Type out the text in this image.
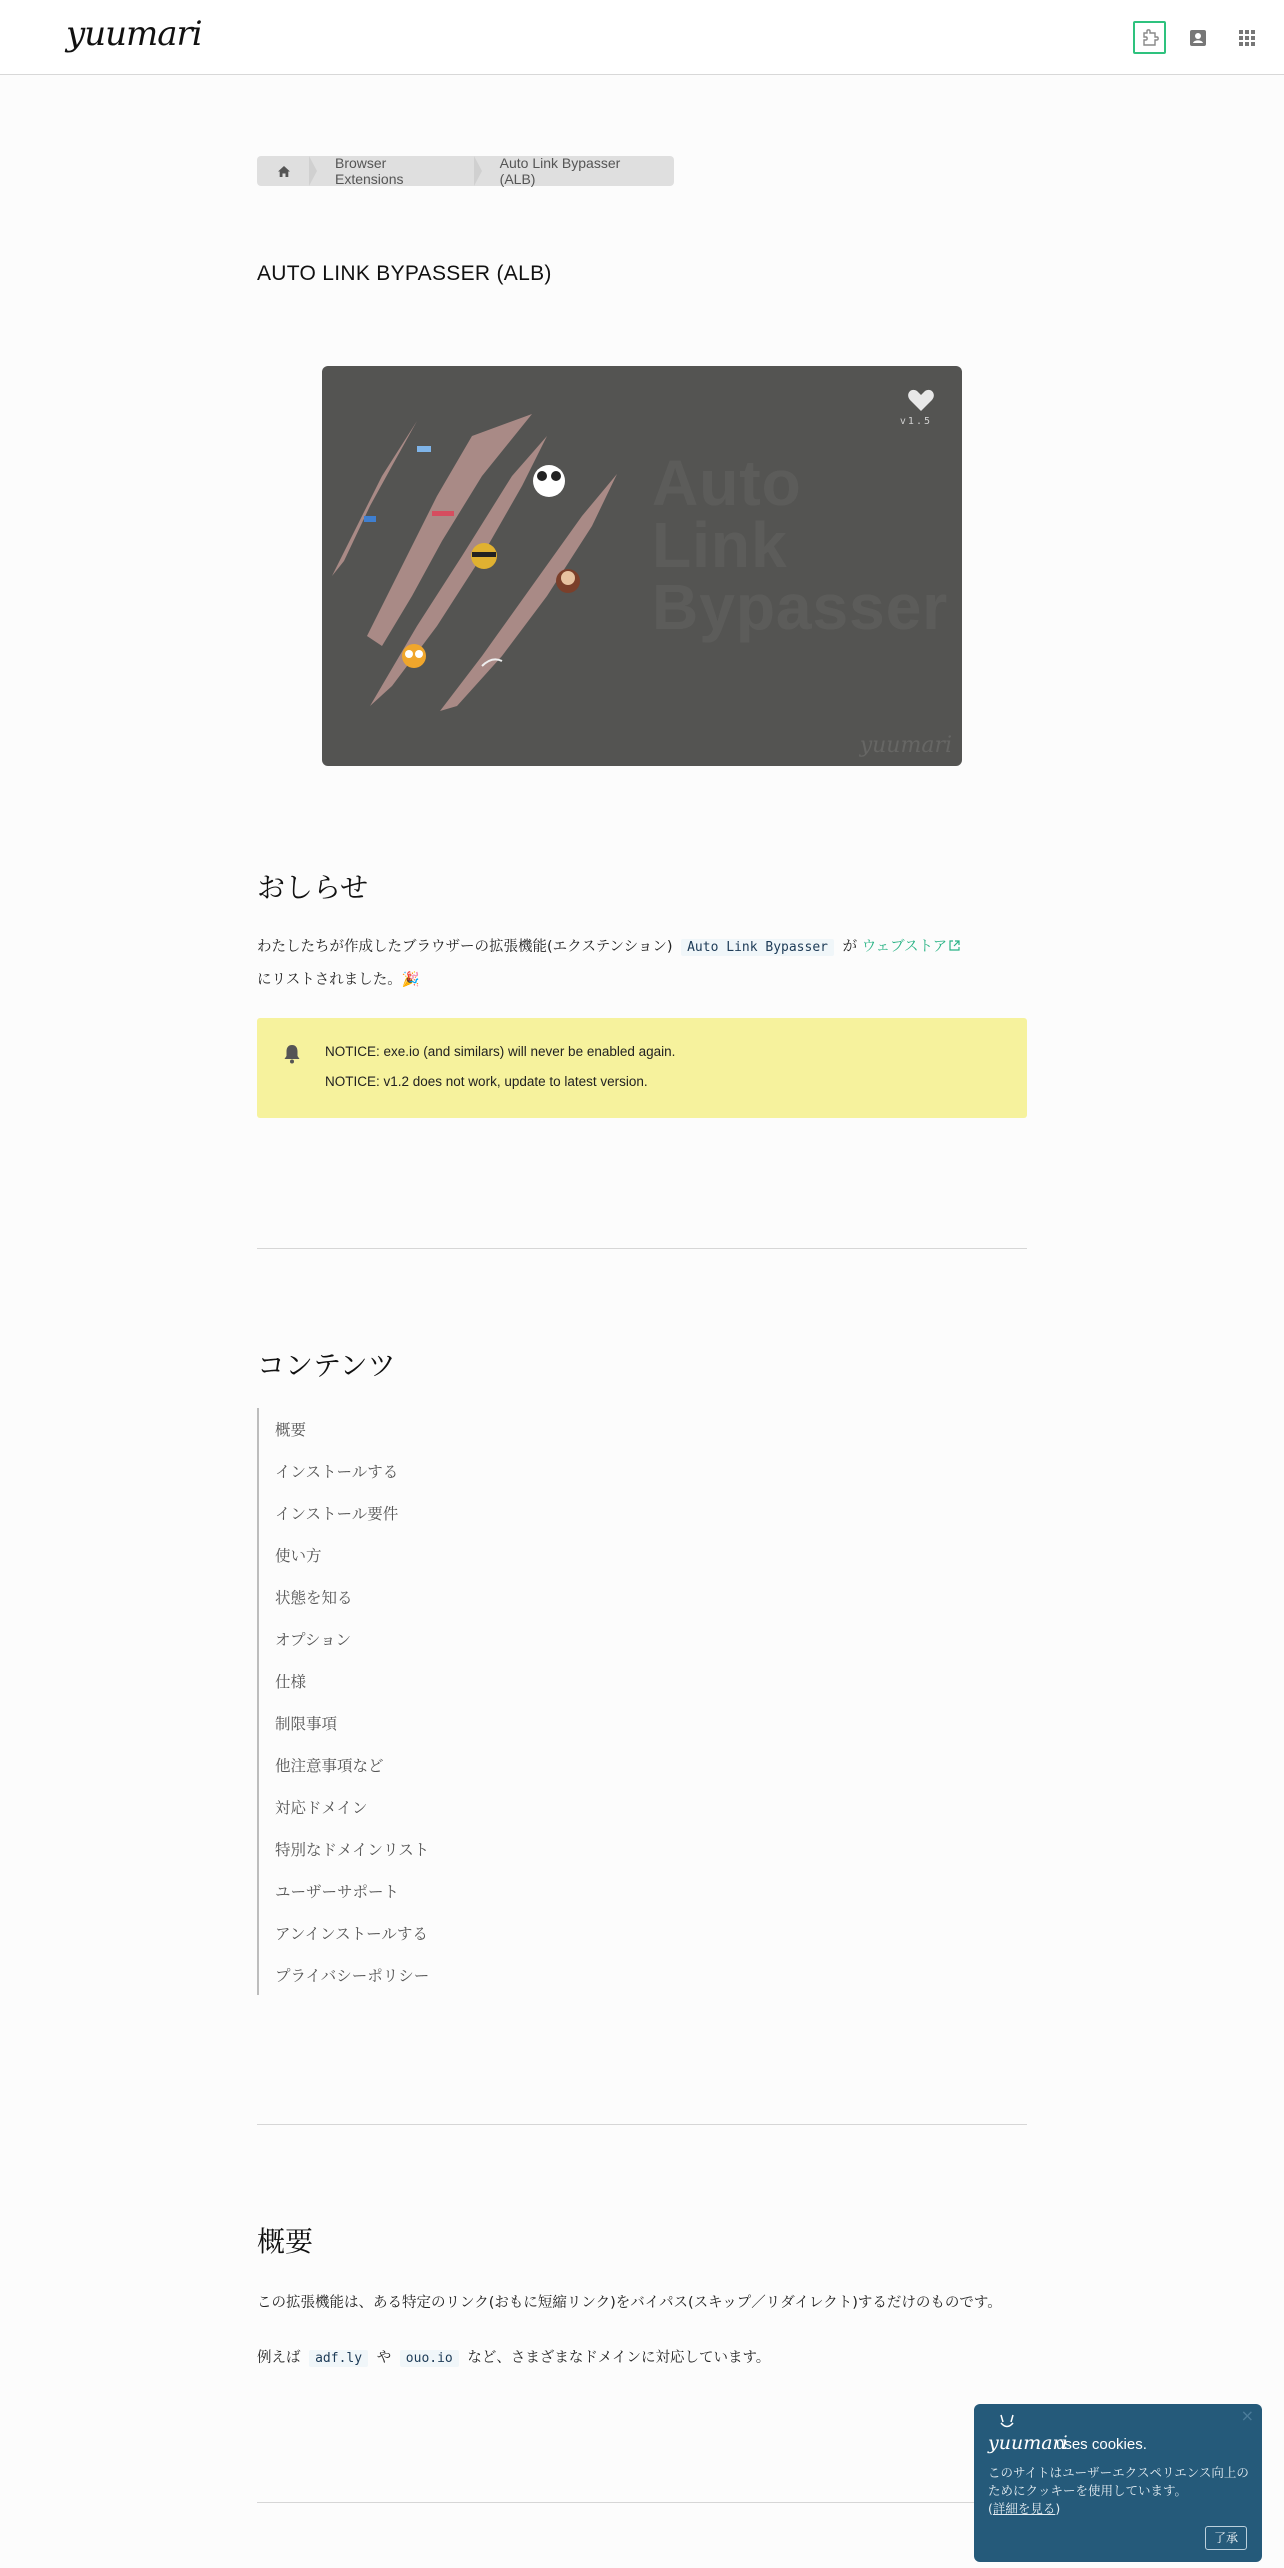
yuumari
Browser Extensions
Auto Link Bypasser (ALB)
AUTO LINK BYPASSER (ALB)
Auto
Link
Bypasser
v1.5
yuumari
おしらせ
わたしたちが作成したブラウザーの拡張機能(エクステンション) Auto Link Bypasser が ウェブストア
にリストされました。🎉
NOTICE: exe.io (and similars) will never be enabled again.
NOTICE: v1.2 does not work, update to latest version.
コンテンツ
概要
インストールする
インストール要件
使い方
状態を知る
オプション
仕様
制限事項
他注意事項など
対応ドメイン
特別なドメインリスト
ユーザーサポート
アンインストールする
プライバシーポリシー
概要
この拡張機能は、ある特定のリンク(おもに短縮リンク)をバイパス(スキップ／リダイレクト)するだけのものです。
例えば adf.ly や ouo.io など、さまざまなドメインに対応しています。
×
yuumari
uses cookies.
このサイトはユーザーエクスペリエンス向上のためにクッキーを使用しています。
(詳細を見る)
了承
